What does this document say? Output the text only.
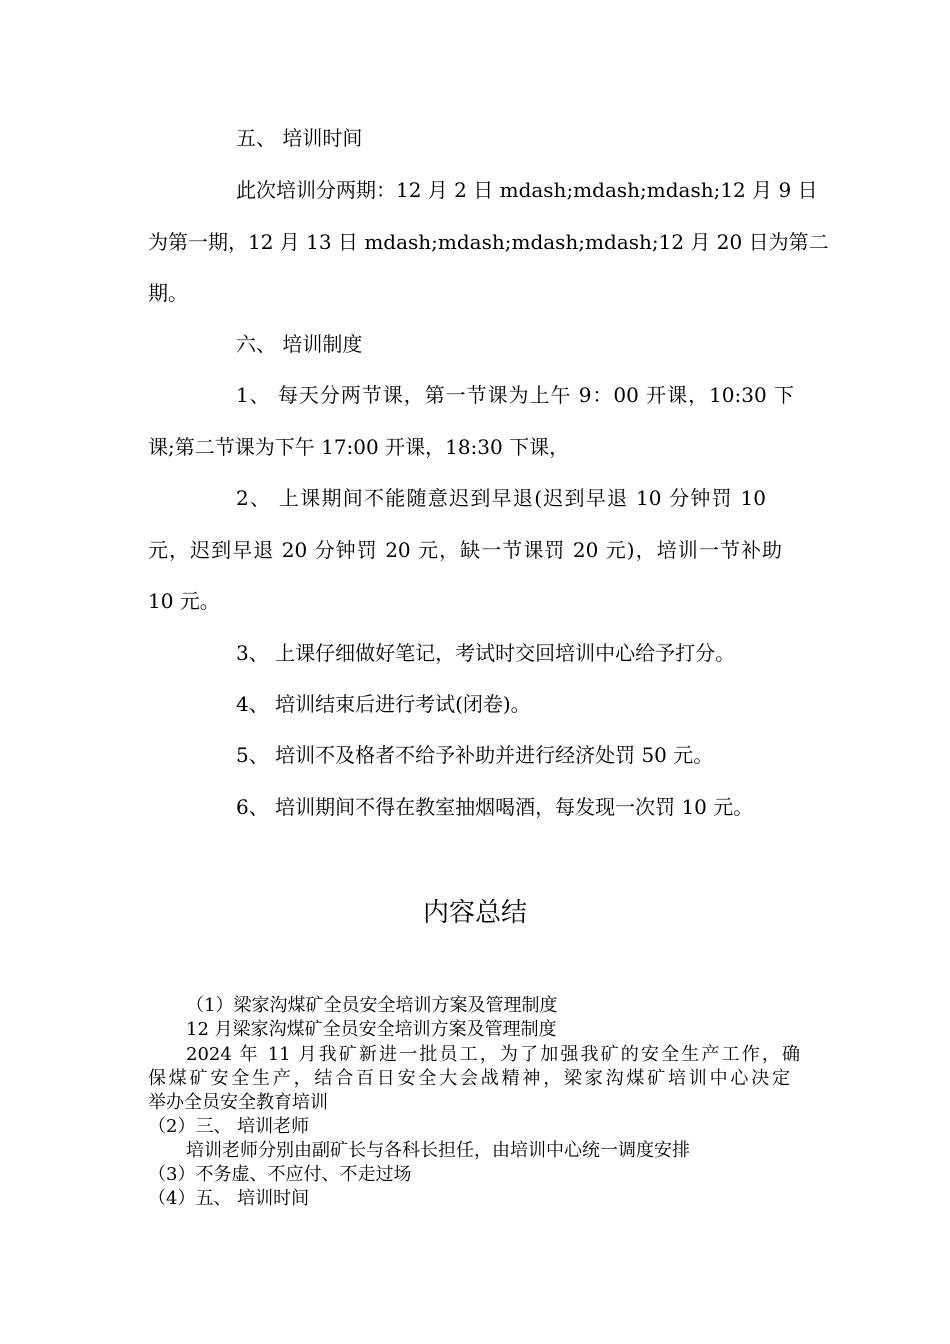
五、 培训时间

此次培训分两期：12 月 2 日 mdash;mdash;mdash;12 月 9 日

为第一期，12 月 13 日 mdash;mdash;mdash;mdash;12 月 20 日为第二

期。

六、 培训制度

1、 每天分两节课，第一节课为上午 9：00 开课，10:30 下

课;第二节课为下午 17:00 开课，18:30 下课，

2、 上课期间不能随意迟到早退(迟到早退 10 分钟罚 10

元，迟到早退 20 分钟罚 20 元，缺一节课罚 20 元)，培训一节补助

10 元。

3、 上课仔细做好笔记，考试时交回培训中心给予打分。

4、 培训结束后进行考试(闭卷)。

5、 培训不及格者不给予补助并进行经济处罚 50 元。

6、 培训期间不得在教室抽烟喝酒，每发现一次罚 10 元。

内容总结

（1）梁家沟煤矿全员安全培训方案及管理制度

12 月梁家沟煤矿全员安全培训方案及管理制度

2024 年 11 月我矿新进一批员工，为了加强我矿的安全生产工作，确

保煤矿安全生产，结合百日安全大会战精神，梁家沟煤矿培训中心决定

举办全员安全教育培训

（2）三、 培训老师

培训老师分别由副矿长与各科长担任，由培训中心统一调度安排

（3）不务虚、不应付、不走过场

（4）五、 培训时间
